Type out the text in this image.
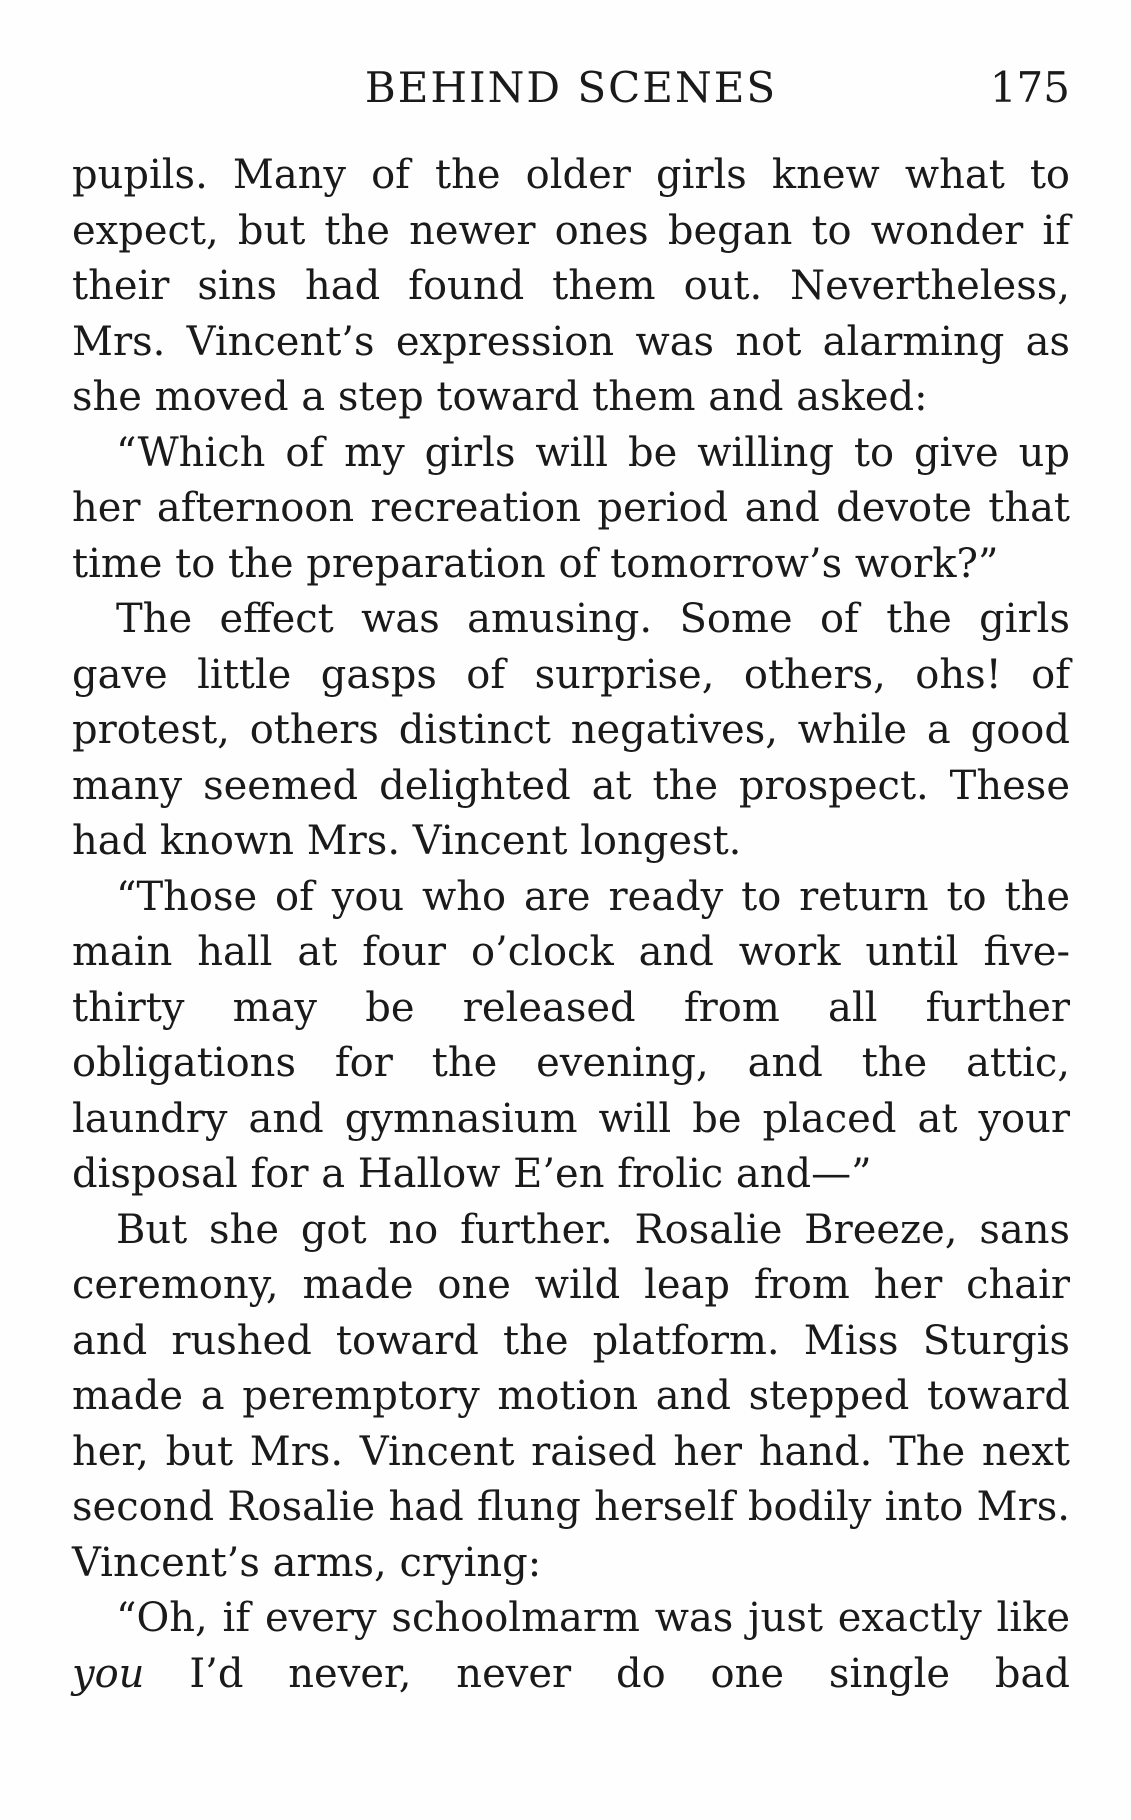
BEHIND SCENES	175

pupils. Many of the older girls knew what to expect, but the newer ones began to wonder if their sins had found them out. Nevertheless, Mrs. Vincent’s expression was not alarming as she moved a step toward them and asked:

“Which of my girls will be willing to give up her afternoon recreation period and devote that time to the preparation of tomorrow’s work?”

The effect was amusing. Some of the girls gave little gasps of surprise, others, ohs! of protest, others distinct negatives, while a good many seemed delighted at the prospect. These had known Mrs. Vincent longest.

“Those of you who are ready to return to the main hall at four o’clock and work until five-thirty may be released from all further obligations for the evening, and the attic, laundry and gymnasium will be placed at your disposal for a Hallow E’en frolic and—”

But she got no further. Rosalie Breeze, sans ceremony, made one wild leap from her chair and rushed toward the platform. Miss Sturgis made a peremptory motion and stepped toward her, but Mrs. Vincent raised her hand. The next second Rosalie had flung herself bodily into Mrs. Vincent’s arms, crying:

“Oh, if every schoolmarm was just exactly like you I’d never, never do one single bad
